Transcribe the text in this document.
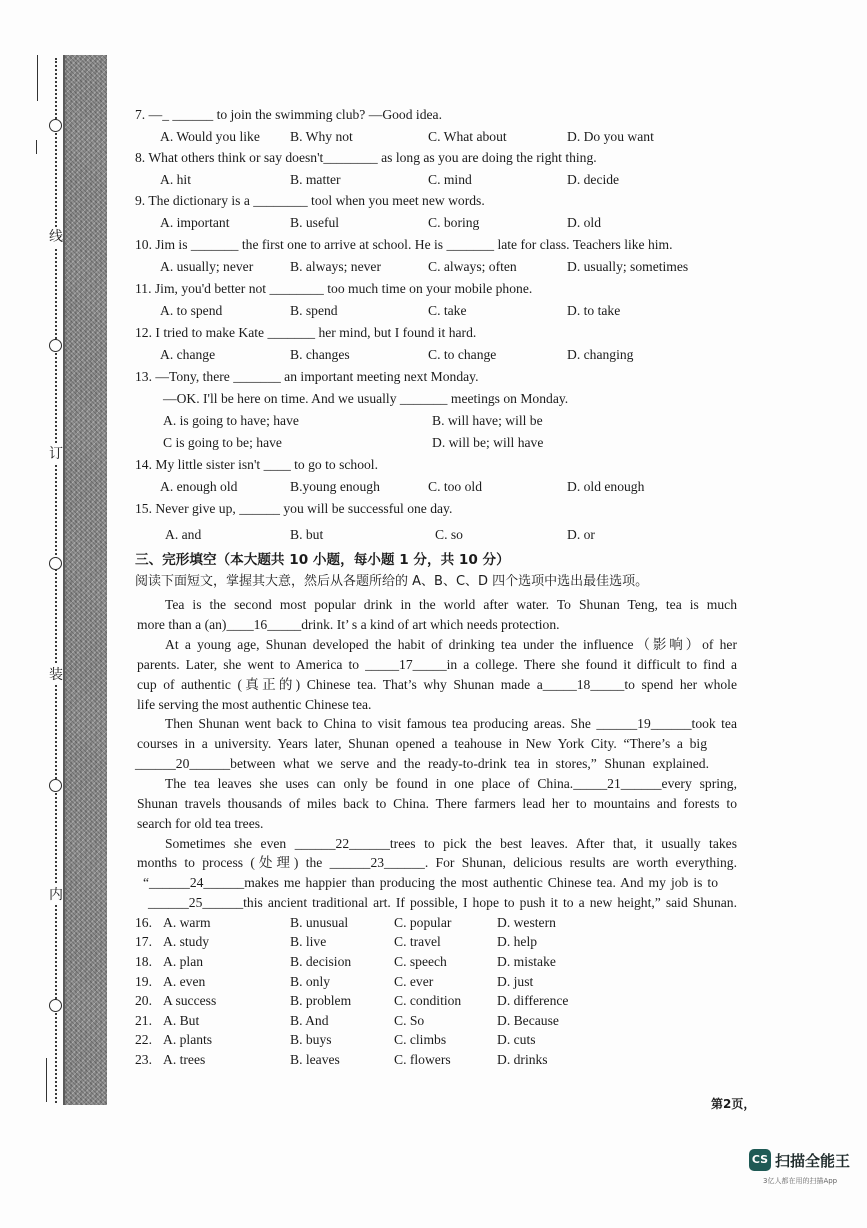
线
订
装
内
7. —_ ______ to join the swimming club? —Good idea.
A. Would you like B. Why not	C. What about	D. Do you want
8. What others think or say doesn't________ as long as you are doing the right thing.
A. hit	B. matter	C. mind	D. decide
9. The dictionary is a ________ tool when you meet new words.
A. important	B. useful	C. boring	D. old
10. Jim is _______ the first one to arrive at school. He is _______ late for class. Teachers like him.
A. usually; never	B. always; never	C. always; often	D. usually; sometimes
11. Jim, you'd better not ________ too much time on your mobile phone.
A. to spend	B. spend	C. take	D. to take
12. I tried to make Kate _______ her mind, but I found it hard.
A. change	B. changes	C. to change	D. changing
13. —Tony, there _______ an important meeting next Monday.
—OK. I'll be here on time. And we usually _______ meetings on Monday.
A. is going to have; have	B. will have; will be
C is going to be; have	D. will be; will have
14. My little sister isn't ____ to go to school.
A. enough old	B.young enough	C. too old	D. old enough
15. Never give up, ______ you will be successful one day.
A. and	B. but	C. so	D. or
三、完形填空（本大题共 10 小题，每小题 1 分，共 10 分）
阅读下面短文，掌握其大意，然后从各题所给的 A、B、C、D 四个选项中选出最佳选项。
Tea is the second most popular drink in the world after water. To Shunan Teng, tea is much
more than a (an)____16_____drink. It’ s a kind of art which needs protection.
At a young age, Shunan developed the habit of drinking tea under the influence（影响）of her
parents. Later, she went to America to _____17_____in a college. There she found it difficult to find a
cup of authentic (真正的) Chinese tea. That’s why Shunan made a_____18_____to spend her whole
life serving the most authentic Chinese tea.
Then Shunan went back to China to visit famous tea producing areas. She ______19______took tea
courses in a university. Years later, Shunan opened a teahouse in New York City. “There’s a big
______20______between what we serve and the ready-to-drink tea in stores,” Shunan explained.
The tea leaves she uses can only be found in one place of China._____21______every spring,
Shunan travels thousands of miles back to China. There farmers lead her to mountains and forests to
search for old tea trees.
Sometimes she even ______22______trees to pick the best leaves. After that, it usually takes
months to process (处理) the ______23______. For Shunan, delicious results are worth everything.
“______24______makes me happier than producing the most authentic Chinese tea. And my job is to
______25______this ancient traditional art. If possible, I hope to push it to a new height,” said Shunan.
16. A. warm	B. unusual	C. popular	D. western
17. A. study	B. live	C. travel	D. help
18. A. plan	B. decision	C. speech	D. mistake
19. A. even	B. only	C. ever	D. just
20. A success	B. problem	C. condition	D. difference
21. A. But	B. And	C. So	D. Because
22. A. plants	B. buys	C. climbs	D. cuts
23. A. trees	B. leaves	C. flowers	D. drinks
第2页，
CS 扫描全能王
3亿人都在用的扫描App
